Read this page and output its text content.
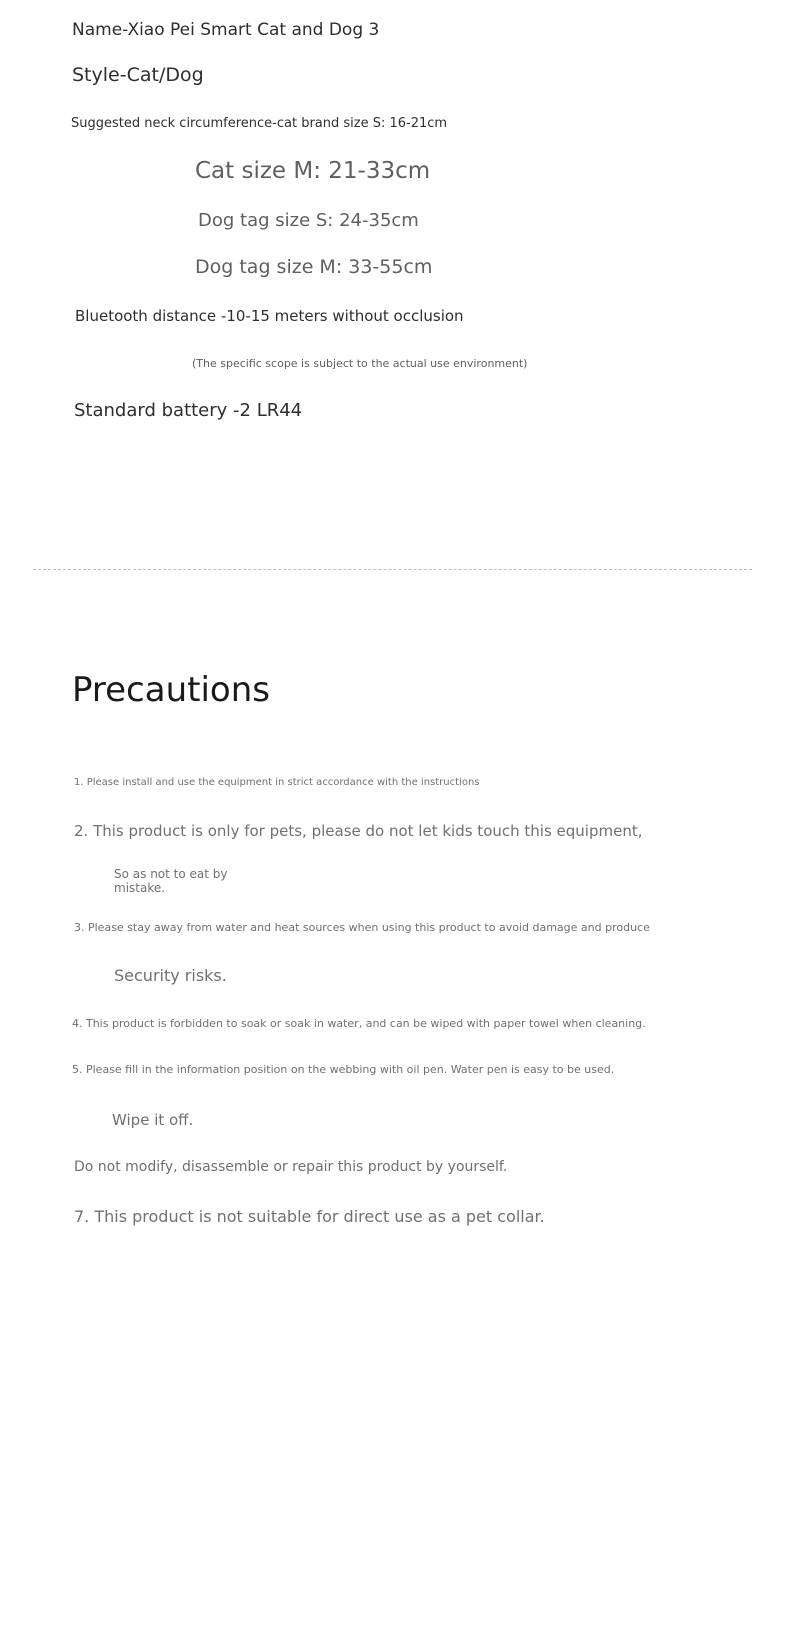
Name-Xiao Pei Smart Cat and Dog 3

Style-Cat/Dog

Suggested neck circumference-cat brand size S: 16-21cm

Cat size M: 21-33cm

Dog tag size S: 24-35cm

Dog tag size M: 33-55cm

Bluetooth distance -10-15 meters without occlusion

(The specific scope is subject to the actual use environment)

Standard battery -2 LR44

Precautions

1. Please install and use the equipment in strict accordance with the instructions

2. This product is only for pets, please do not let kids touch this equipment,

So as not to eat by

mistake.

3. Please stay away from water and heat sources when using this product to avoid damage and produce

Security risks.

4. This product is forbidden to soak or soak in water, and can be wiped with paper towel when cleaning.

5. Please fill in the information position on the webbing with oil pen. Water pen is easy to be used.

Wipe it off.

Do not modify, disassemble or repair this product by yourself.

7. This product is not suitable for direct use as a pet collar.
